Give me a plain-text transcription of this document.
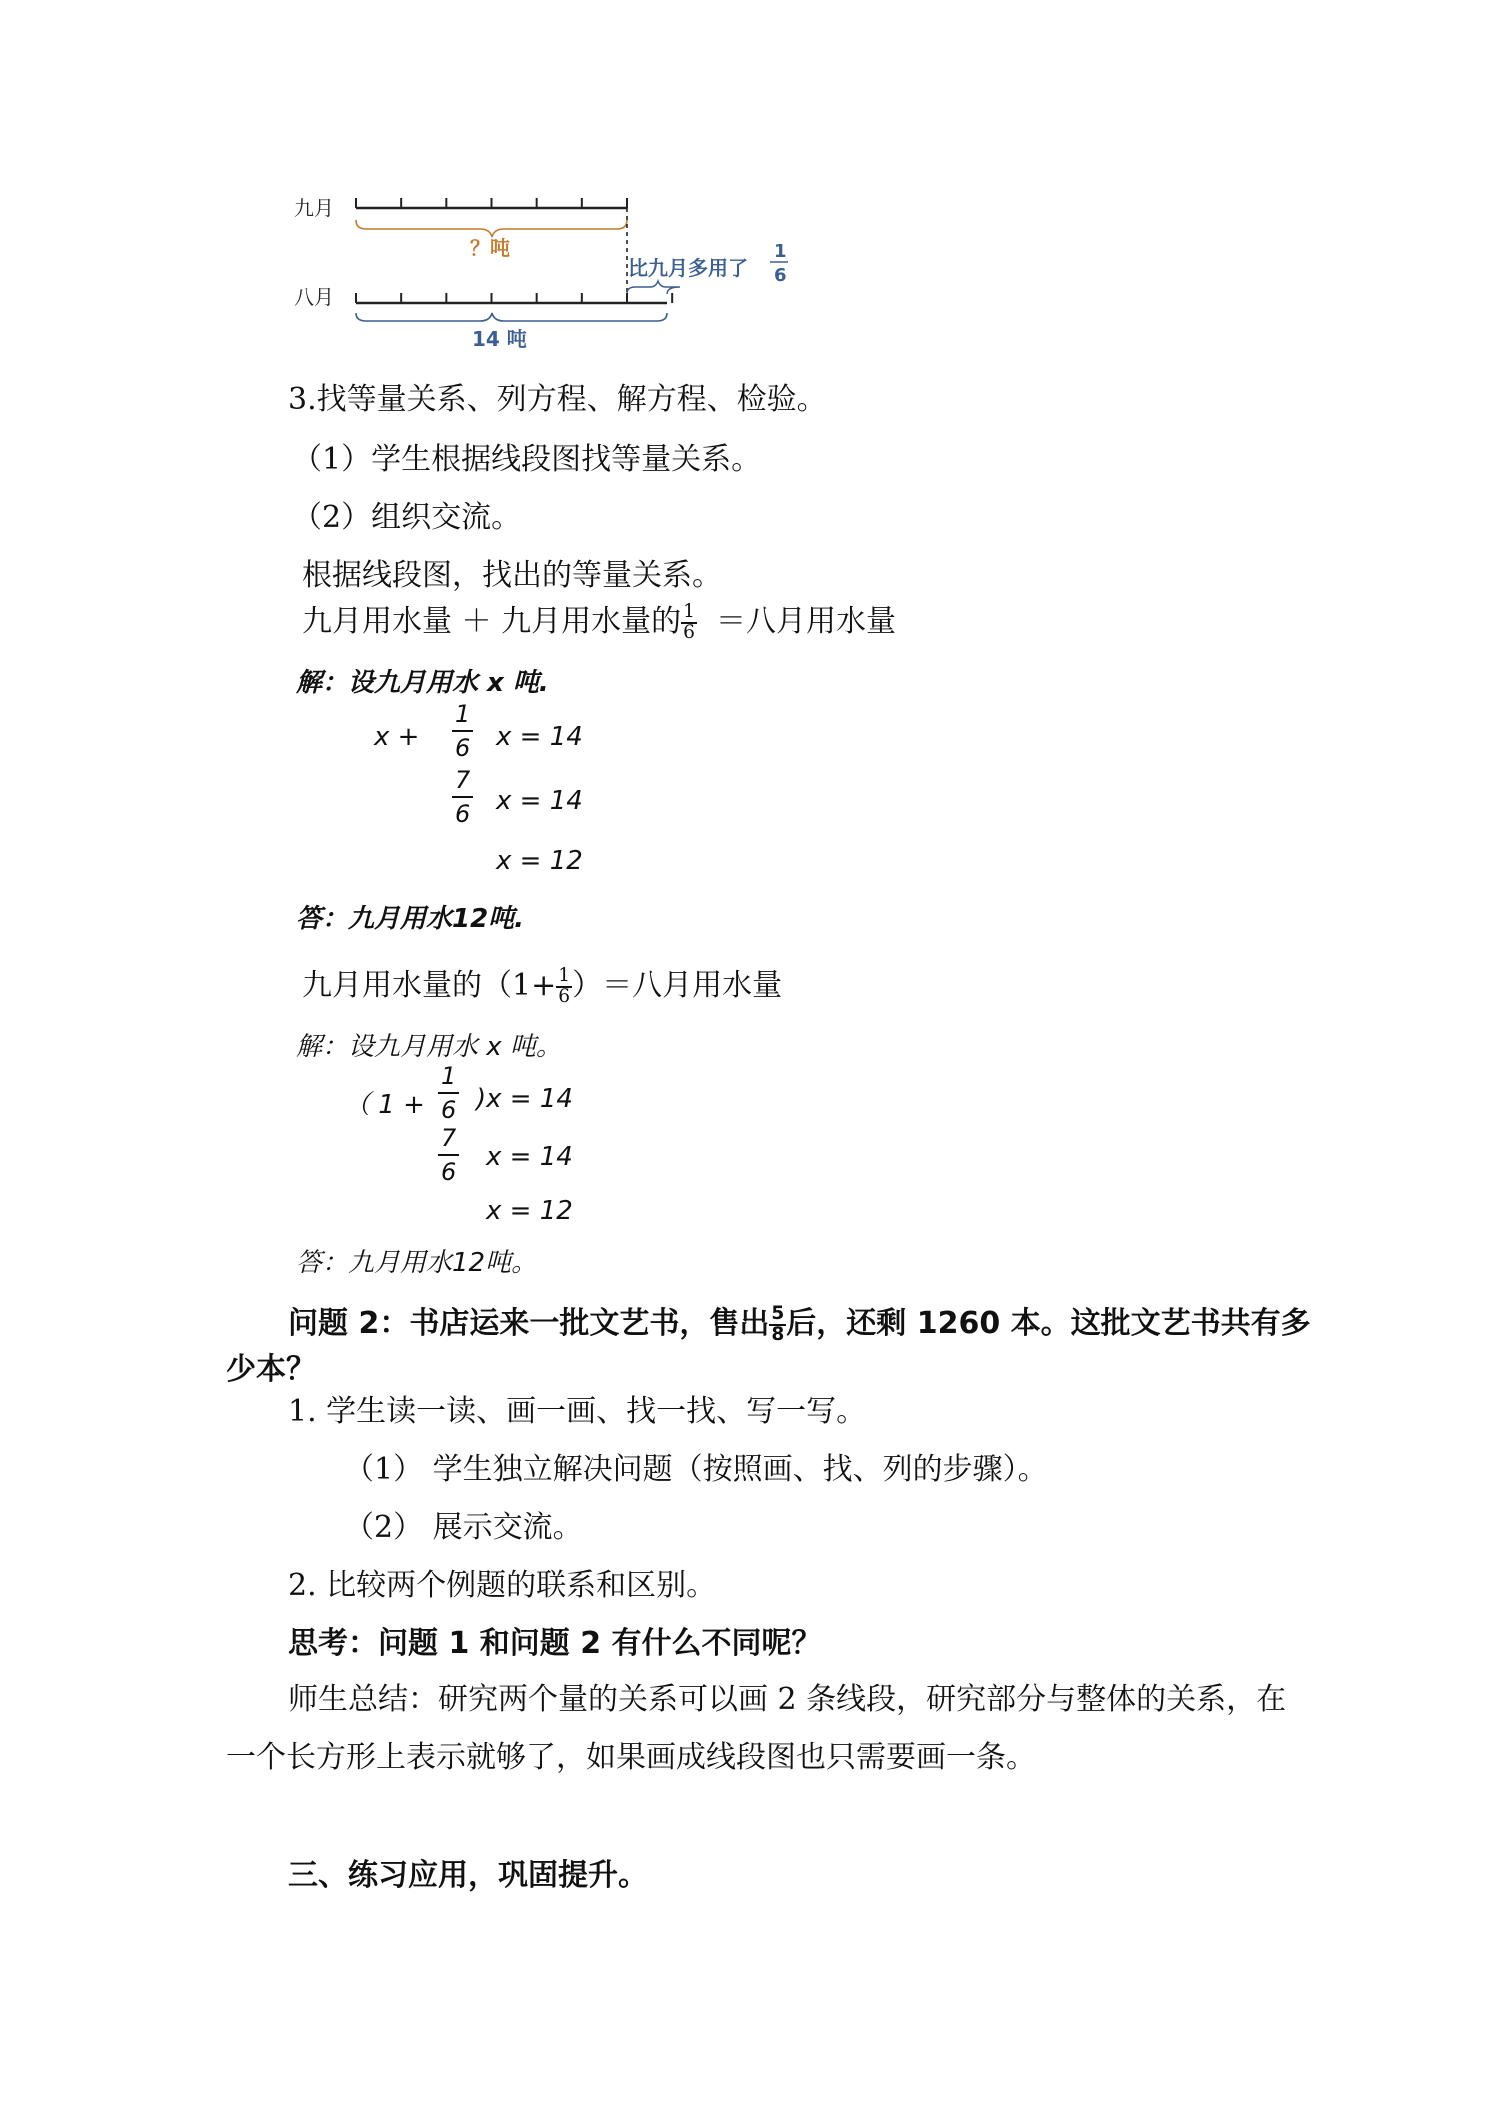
九月
？吨
比九月多用了
1
6
八月
14 吨
3.找等量关系、列方程、解方程、检验。
（1）学生根据线段图找等量关系。
（2）组织交流。
根据线段图，找出的等量关系。
九月用水量 ＋ 九月用水量的 $\frac{1}{6}$ ＝八月用水量
解：设九月用水 x 吨.
x +
1
6 x = 14
7
6 x = 14
x = 12
答：九月用水12吨.
九月用水量的（$1+ \frac{1}{6}$ ）＝八月用水量
解：设九月用水 x 吨。
（ 1 +
1
6 )x = 14
7
6 x = 14
x = 12
答：九月用水12吨。
问题 2：书店运来一批文艺书，售出 $\frac{5}{8}$ 后，还剩 1260 本。这批文艺书共有多
少本？
1. 学生读一读、画一画、找一找、写一写。
（1） 学生独立解决问题（按照画、找、列的步骤）。
（2） 展示交流。
2. 比较两个例题的联系和区别。
思考：问题 1 和问题 2 有什么不同呢？
师生总结：研究两个量的关系可以画 2 条线段，研究部分与整体的关系，在
一个长方形上表示就够了，如果画成线段图也只需要画一条。
三、练习应用，巩固提升。
